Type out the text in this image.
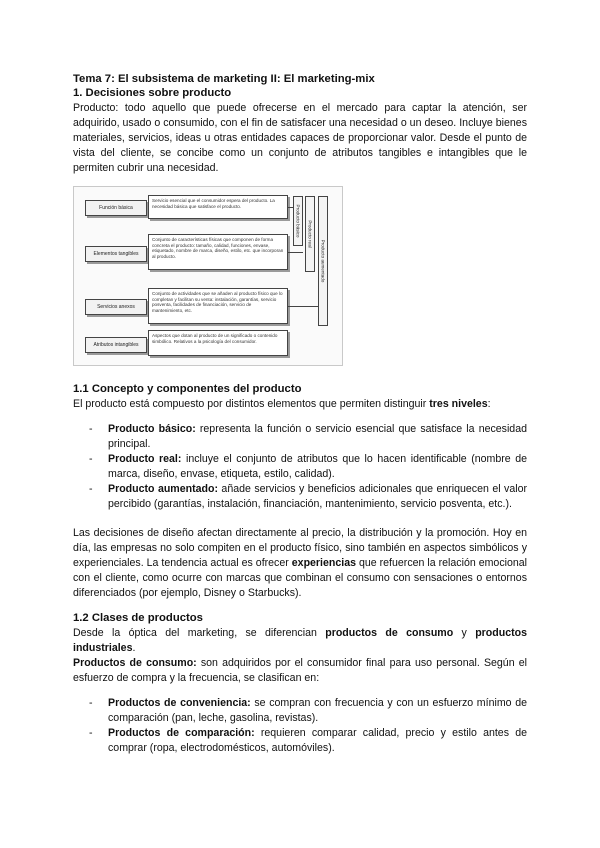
Tema 7: El subsistema de marketing II: El marketing-mix
1. Decisiones sobre producto

Producto: todo aquello que puede ofrecerse en el mercado para captar la atención, ser adquirido, usado o consumido, con el fin de satisfacer una necesidad o un deseo. Incluye bienes materiales, servicios, ideas u otras entidades capaces de proporcionar valor. Desde el punto de vista del cliente, se concibe como un conjunto de atributos tangibles e intangibles que le permiten cubrir una necesidad.

Función básica
Servicio esencial que el consumidor espera del producto. La necesidad básica que satisface el producto.
Elementos tangibles
Conjunto de características físicas que componen de forma concreta el producto: tamaño, calidad, funciones, envase, etiquetado, nombre de marca, diseño, estilo, etc. que incorporan al producto.
Servicios anexos
Conjunto de actividades que se añaden al producto físico que lo completan y facilitan su venta: instalación, garantías, servicio posventa, facilidades de financiación, servicio de mantenimiento, etc.
Atributos intangibles
Aspectos que dotan al producto de un significado o contenido simbólico. Relativos a la psicología del consumidor.
Producto básico Producto real
Producto aumentado
1.1 Concepto y componentes del producto

El producto está compuesto por distintos elementos que permiten distinguir tres niveles:

- Producto básico: representa la función o servicio esencial que satisface la necesidad principal.
- Producto real: incluye el conjunto de atributos que lo hacen identificable (nombre de marca, diseño, envase, etiqueta, estilo, calidad).
- Producto aumentado: añade servicios y beneficios adicionales que enriquecen el valor percibido (garantías, instalación, financiación, mantenimiento, servicio posventa, etc.).

Las decisiones de diseño afectan directamente al precio, la distribución y la promoción. Hoy en día, las empresas no solo compiten en el producto físico, sino también en aspectos simbólicos y experienciales. La tendencia actual es ofrecer experiencias que refuercen la relación emocional con el cliente, como ocurre con marcas que combinan el consumo con sensaciones o entornos diferenciados (por ejemplo, Disney o Starbucks).

1.2 Clases de productos

Desde la óptica del marketing, se diferencian productos de consumo y productos industriales.

Productos de consumo: son adquiridos por el consumidor final para uso personal. Según el esfuerzo de compra y la frecuencia, se clasifican en:

- Productos de conveniencia: se compran con frecuencia y con un esfuerzo mínimo de comparación (pan, leche, gasolina, revistas).
- Productos de comparación: requieren comparar calidad, precio y estilo antes de comprar (ropa, electrodomésticos, automóviles).
